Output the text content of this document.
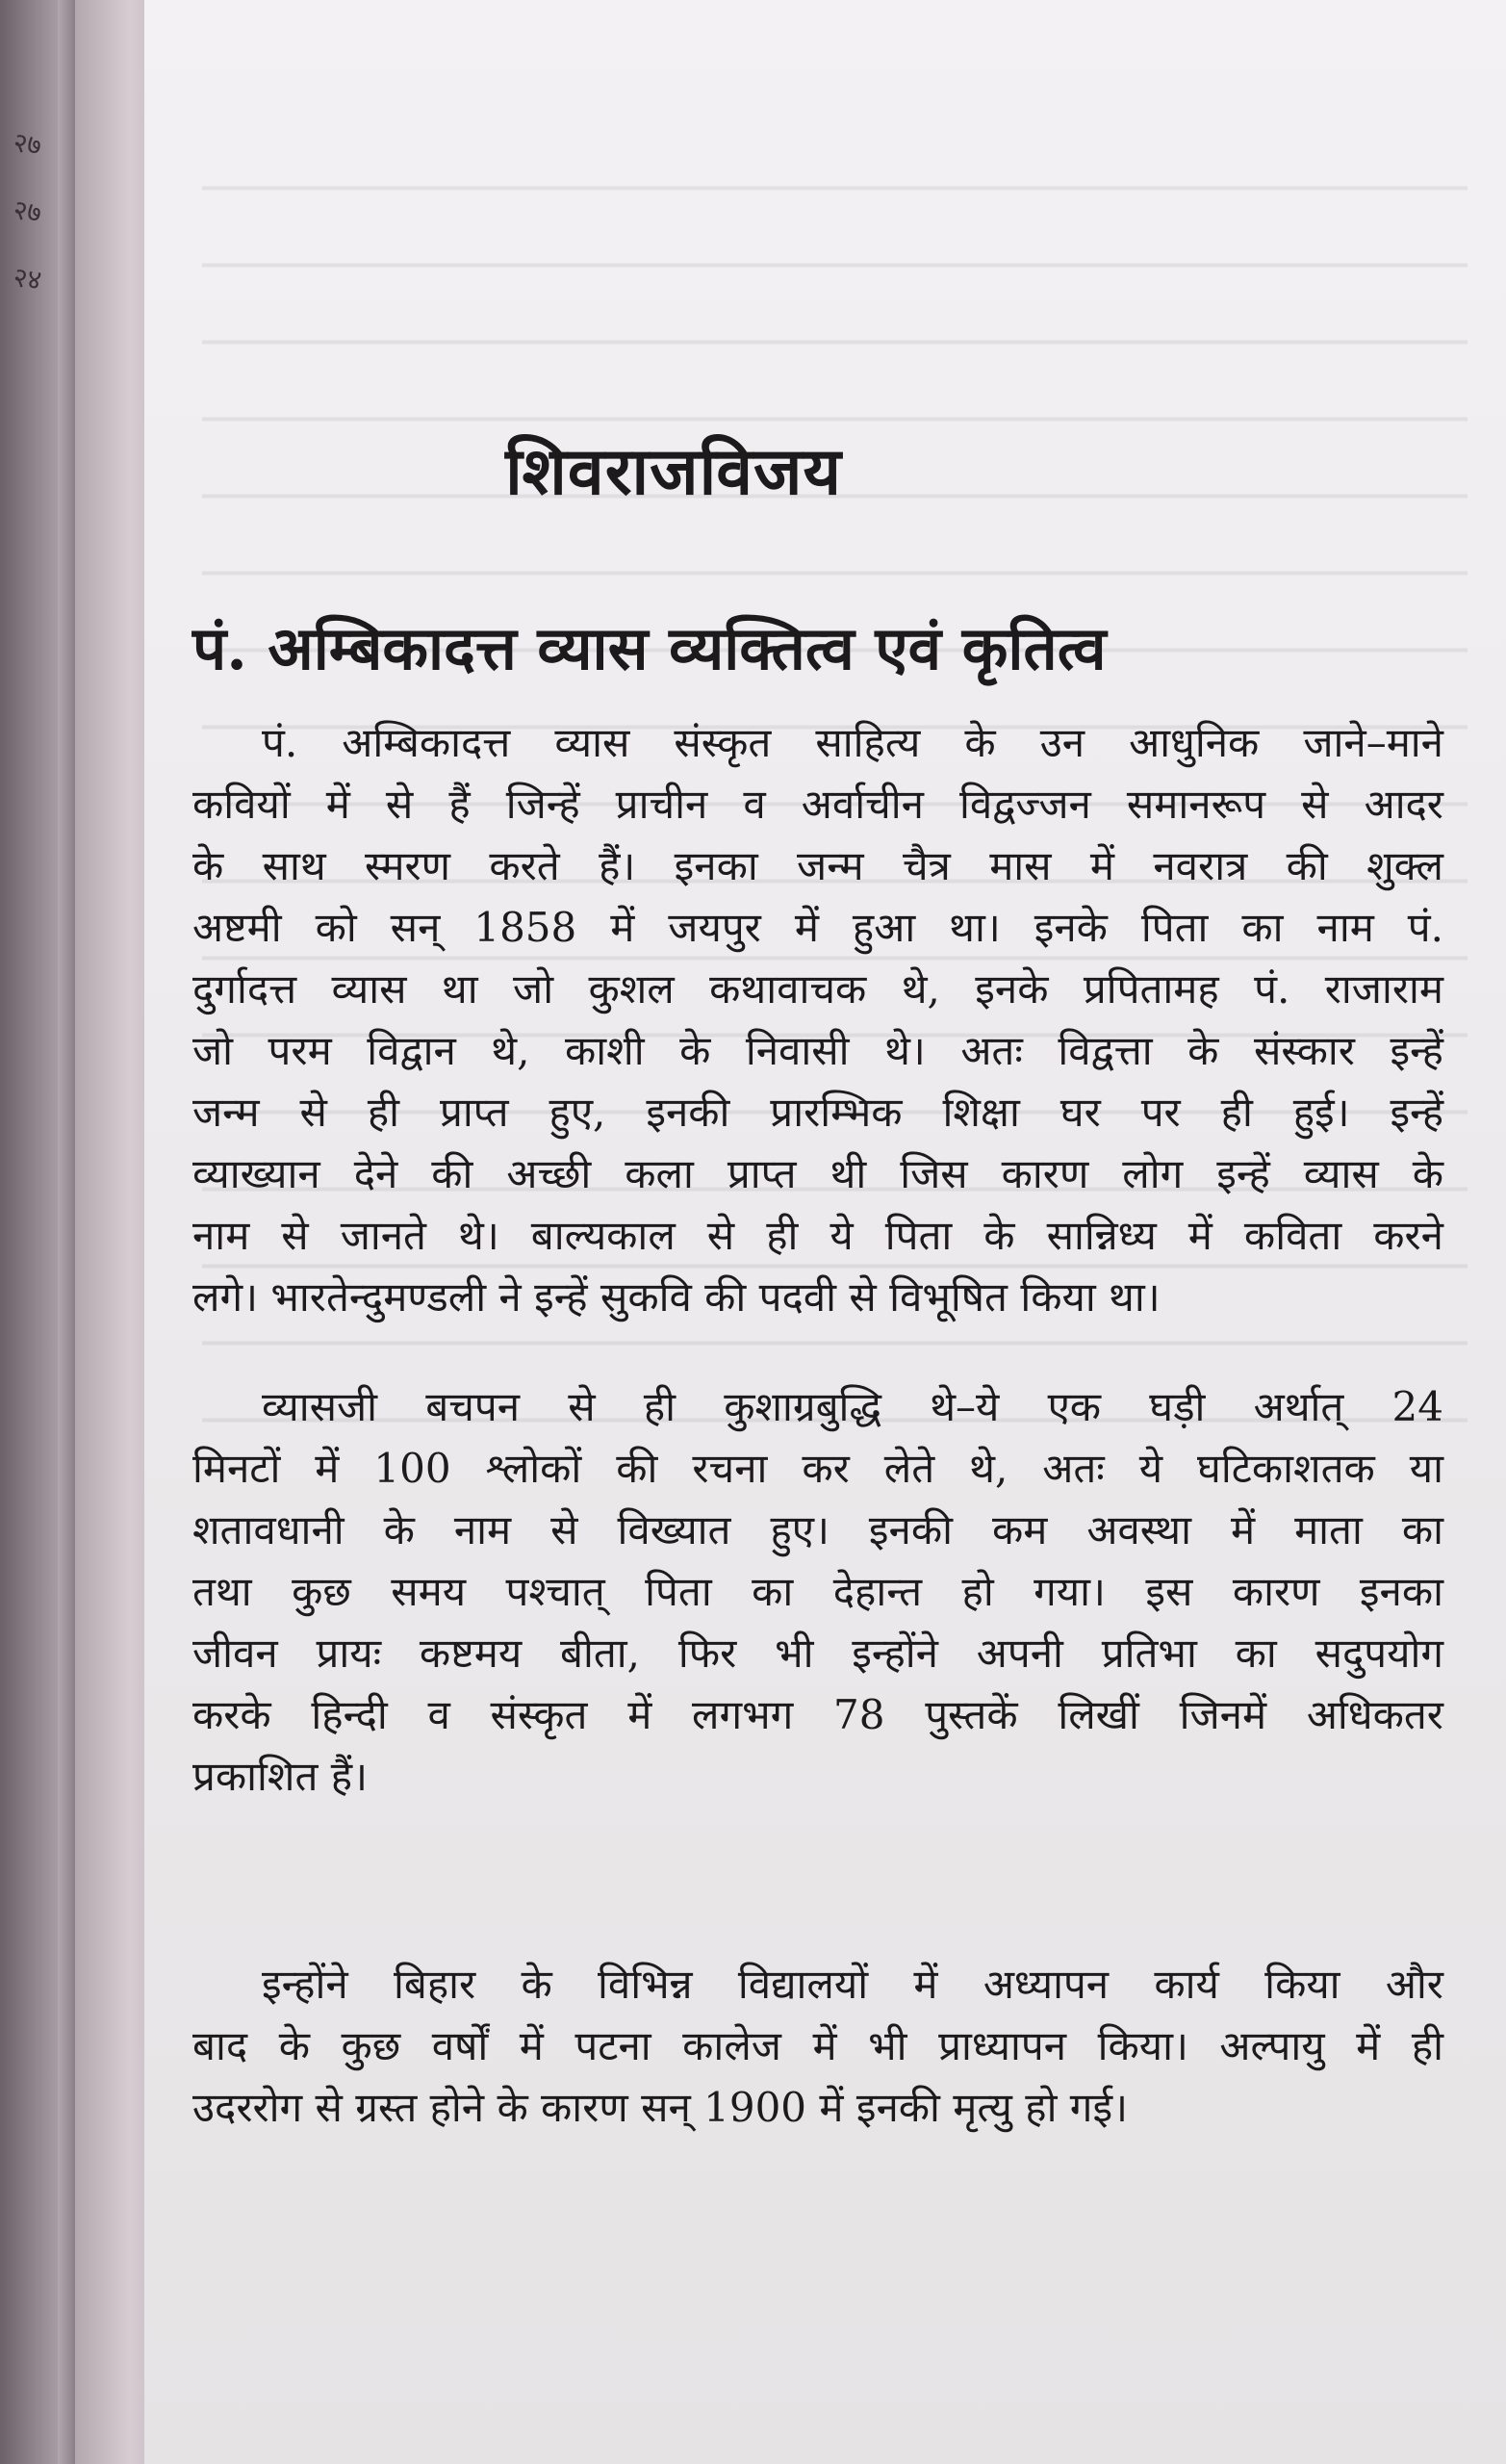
२७
२७
२४
शिवराजविजय
पं. अम्बिकादत्त व्यास व्यक्तित्व एवं कृतित्व
पं. अम्बिकादत्त व्यास संस्कृत साहित्य के उन आधुनिक जाने–माने
कवियों में से हैं जिन्हें प्राचीन व अर्वाचीन विद्वज्जन समानरूप से आदर
के साथ स्मरण करते हैं। इनका जन्म चैत्र मास में नवरात्र की शुक्ल
अष्टमी को सन् 1858 में जयपुर में हुआ था। इनके पिता का नाम पं.
दुर्गादत्त व्यास था जो कुशल कथावाचक थे, इनके प्रपितामह पं. राजाराम
जो परम विद्वान थे, काशी के निवासी थे। अतः विद्वत्ता के संस्कार इन्हें
जन्म से ही प्राप्त हुए, इनकी प्रारम्भिक शिक्षा घर पर ही हुई। इन्हें
व्याख्यान देने की अच्छी कला प्राप्त थी जिस कारण लोग इन्हें व्यास के
नाम से जानते थे। बाल्यकाल से ही ये पिता के सान्निध्य में कविता करने
लगे। भारतेन्दुमण्डली ने इन्हें सुकवि की पदवी से विभूषित किया था।
व्यासजी बचपन से ही कुशाग्रबुद्धि थे–ये एक घड़ी अर्थात् 24
मिनटों में 100 श्लोकों की रचना कर लेते थे, अतः ये घटिकाशतक या
शतावधानी के नाम से विख्यात हुए। इनकी कम अवस्था में माता का
तथा कुछ समय पश्चात् पिता का देहान्त हो गया। इस कारण इनका
जीवन प्रायः कष्टमय बीता, फिर भी इन्होंने अपनी प्रतिभा का सदुपयोग
करके हिन्दी व संस्कृत में लगभग 78 पुस्तकें लिखीं जिनमें अधिकतर
प्रकाशित हैं।
इन्होंने बिहार के विभिन्न विद्यालयों में अध्यापन कार्य किया और
बाद के कुछ वर्षों में पटना कालेज में भी प्राध्यापन किया। अल्पायु में ही
उदररोग से ग्रस्त होने के कारण सन् 1900 में इनकी मृत्यु हो गई।
